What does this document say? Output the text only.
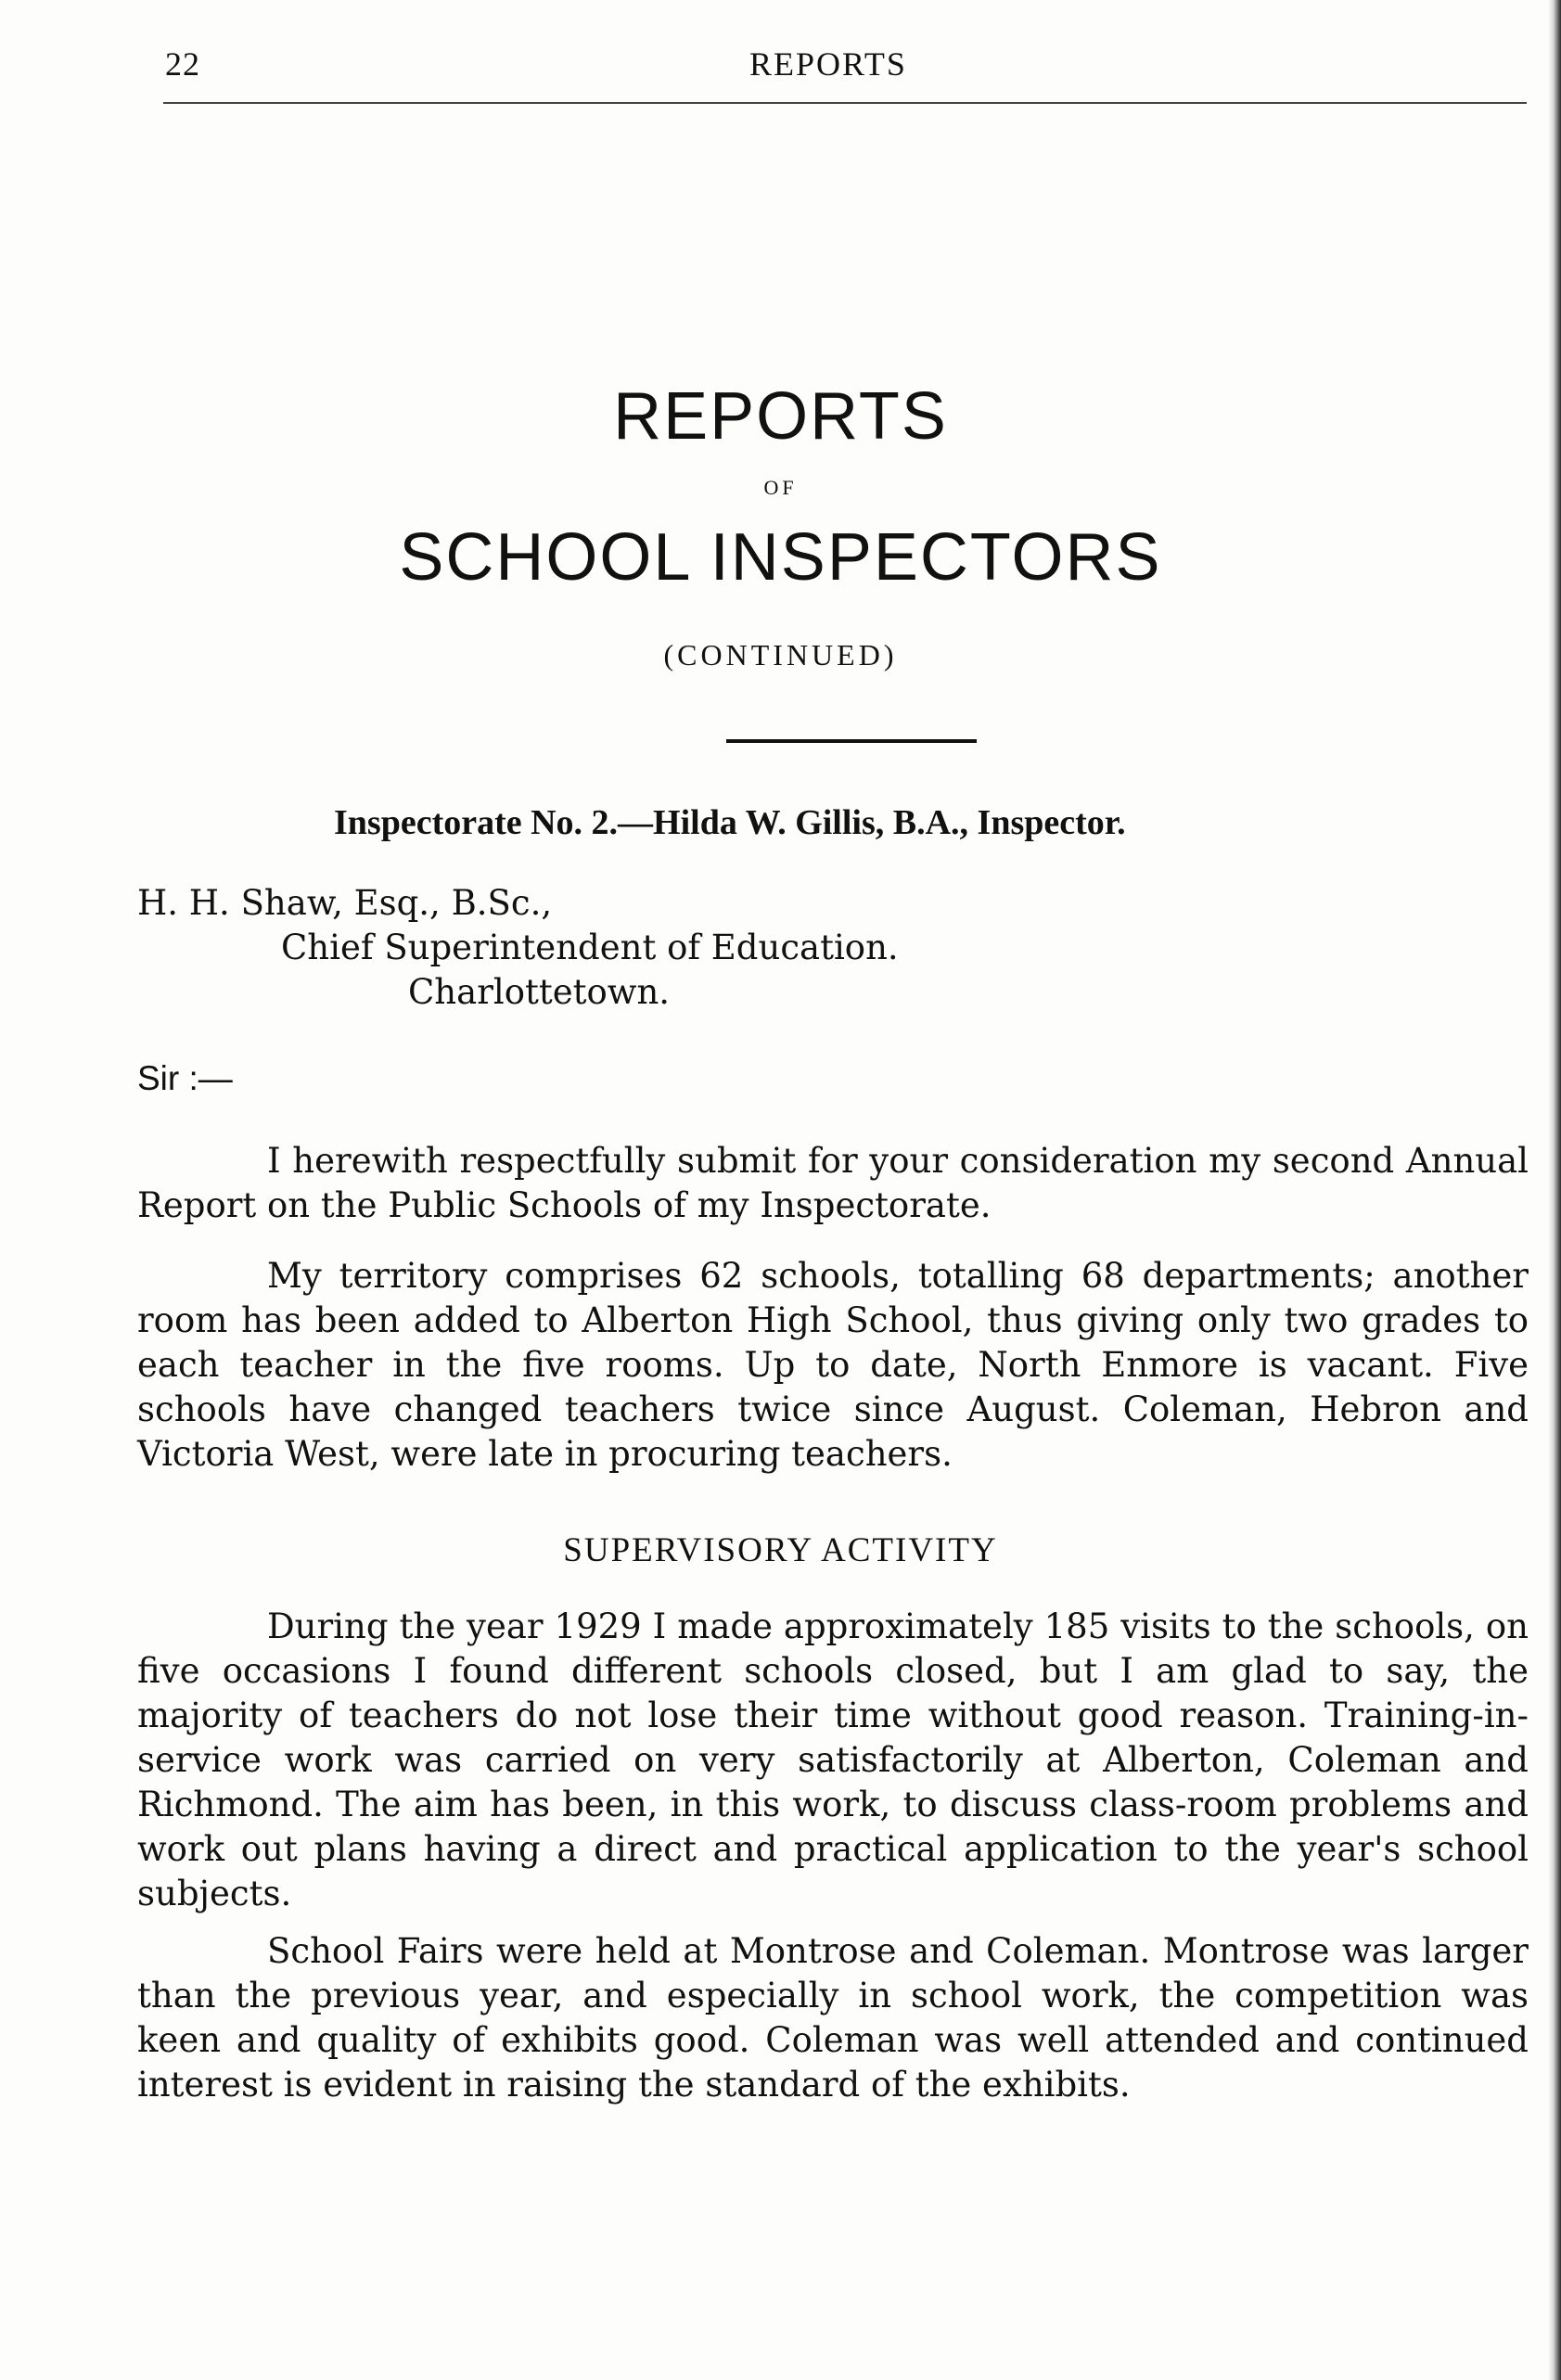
22	REPORTS
REPORTS
OF
SCHOOL INSPECTORS
(CONTINUED)
Inspectorate No. 2.—Hilda W. Gillis, B.A., Inspector.
H. H. Shaw, Esq., B.Sc.,
Chief Superintendent of Education.
Charlottetown.
Sir :—

I herewith respectfully submit for your consideration my second Annual Report on the Public Schools of my Inspectorate.

My territory comprises 62 schools, totalling 68 departments; another room has been added to Alberton High School, thus giving only two grades to each teacher in the five rooms. Up to date, North Enmore is vacant. Five schools have changed teachers twice since August. Coleman, Hebron and Victoria West, were late in procuring teachers.

SUPERVISORY ACTIVITY

During the year 1929 I made approximately 185 visits to the schools, on five occasions I found different schools closed, but I am glad to say, the majority of teachers do not lose their time without good reason. Training-in-service work was carried on very satisfactorily at Alberton, Coleman and Richmond. The aim has been, in this work, to discuss class-room problems and work out plans having a direct and practical application to the year's school subjects.

School Fairs were held at Montrose and Coleman. Montrose was larger than the previous year, and especially in school work, the competition was keen and quality of exhibits good. Coleman was well attended and continued interest is evident in raising the standard of the exhibits.
